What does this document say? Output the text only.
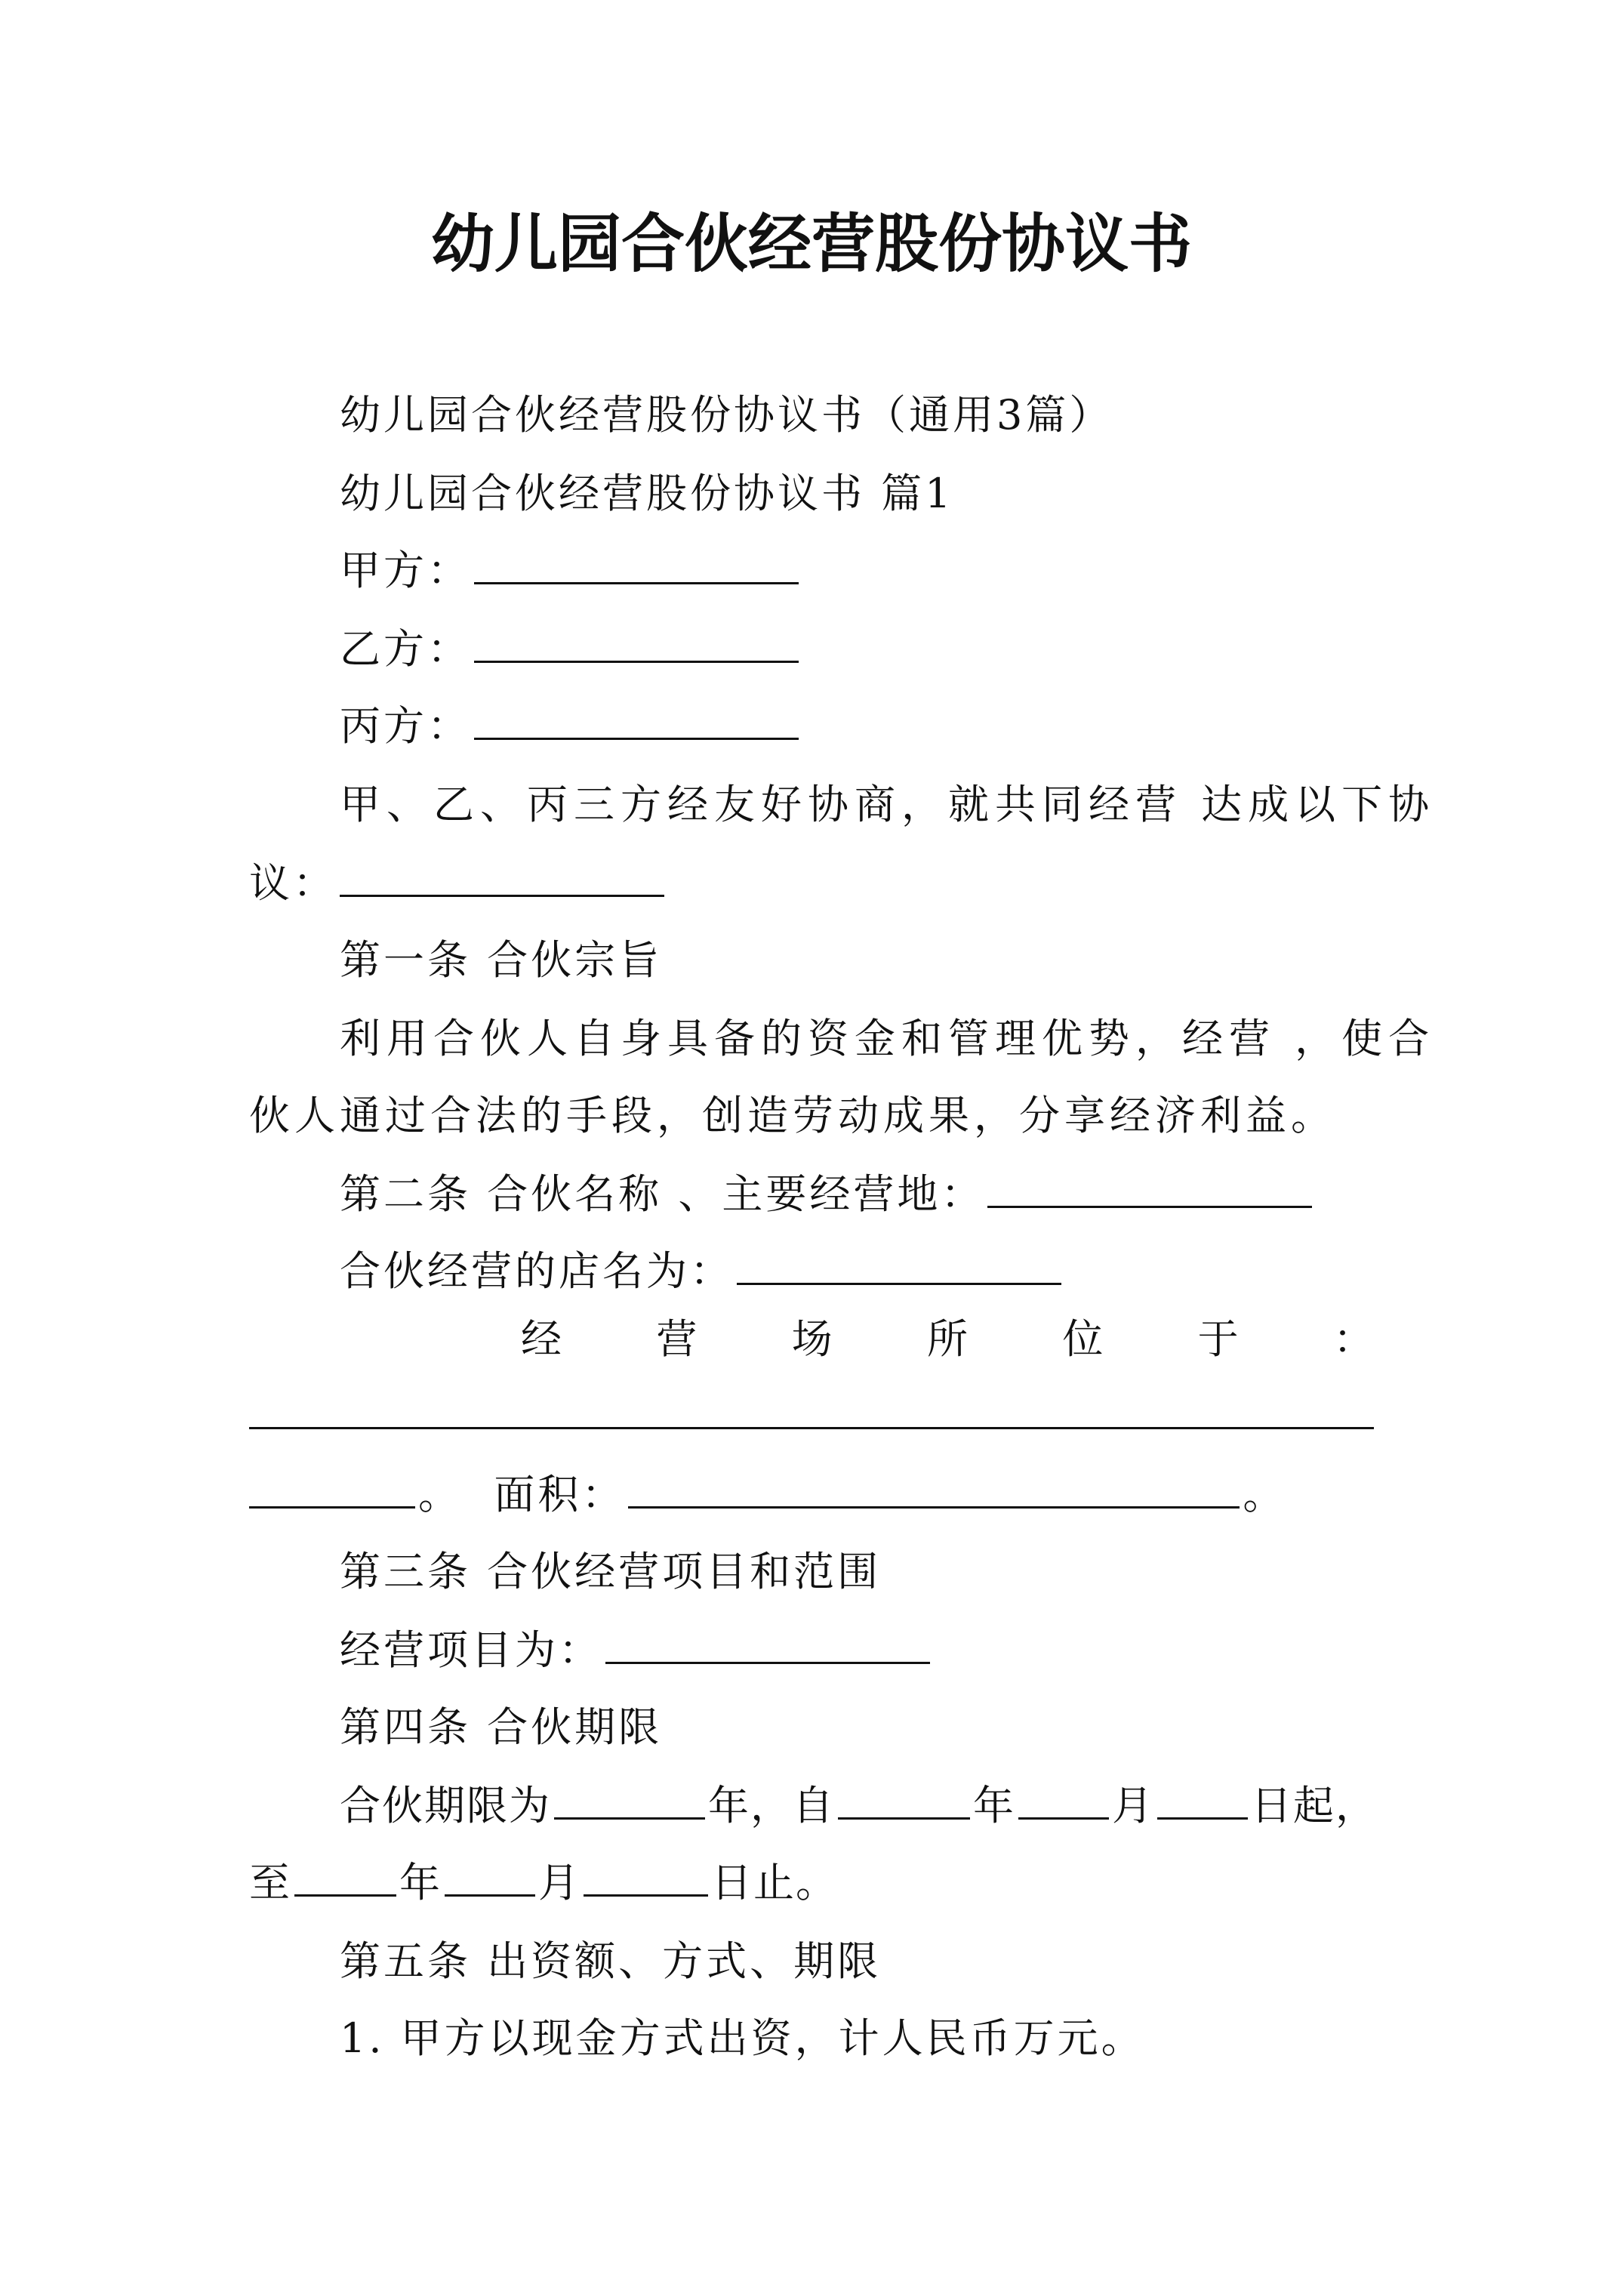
幼儿园合伙经营股份协议书
幼儿园合伙经营股份协议书（通用3篇）
幼儿园合伙经营股份协议书 篇1
甲方：
乙方：
丙方：
甲、乙、丙三方经友好协商，就共同经营 达成以下协
议：
第一条 合伙宗旨
利用合伙人自身具备的资金和管理优势，经营 ，使合
伙人通过合法的手段，创造劳动成果，分享经济利益。
第二条 合伙名称 、主要经营地：
合伙经营的店名为：
经 营 场 所 位 于 ：
。 面积：	。
第三条 合伙经营项目和范围
经营项目为：
第四条 合伙期限
合伙期限为	年，自	年 月 日起，
至	年 月	日止。
第五条 出资额、方式、期限
1. 甲方以现金方式出资，计人民币万元。
